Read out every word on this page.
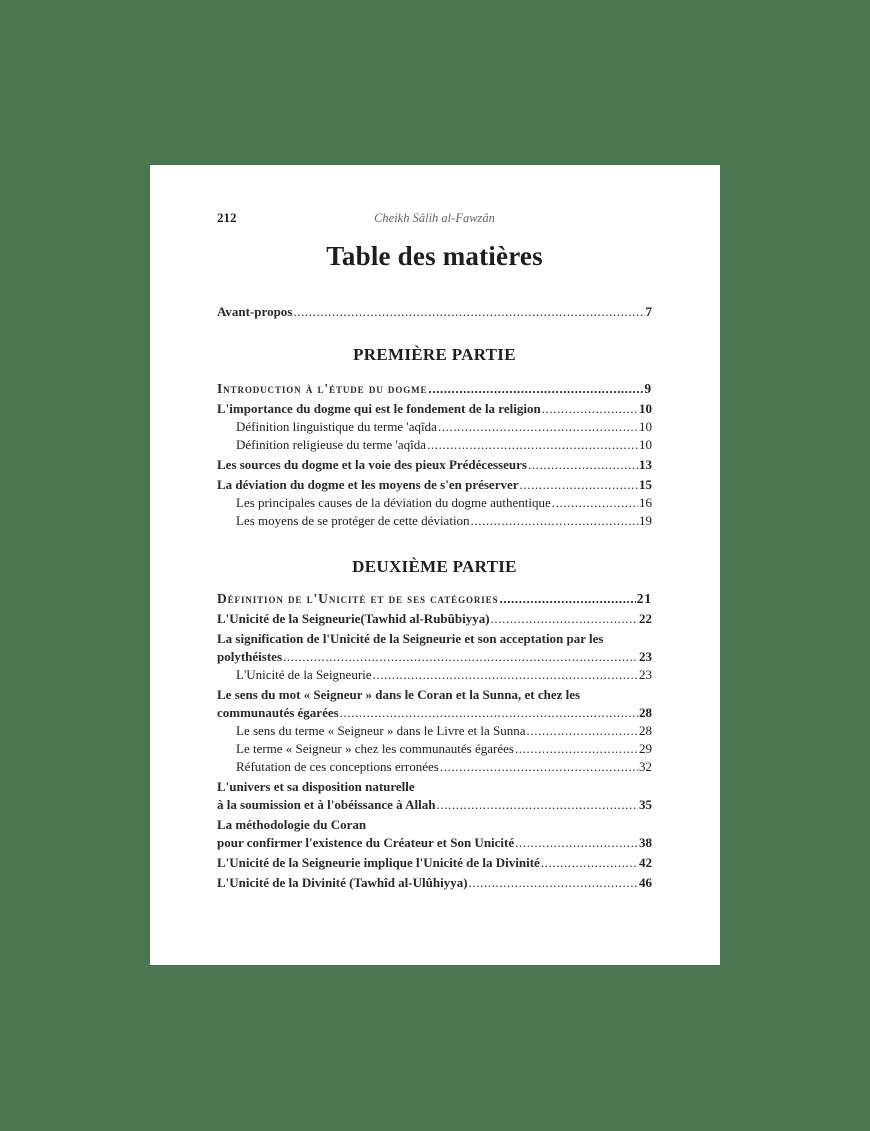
212	Cheikh Sâlih al-Fawzân
Table des matières
Avant-propos .....	7
PREMIÈRE PARTIE
Introduction à l'étude du dogme .....	9
L'importance du dogme qui est le fondement de la religion .....	10
Définition linguistique du terme 'aqîda .....	10
Définition religieuse du terme 'aqîda .....	10
Les sources du dogme et la voie des pieux Prédécesseurs .....	13
La déviation du dogme et les moyens de s'en préserver .....	15
Les principales causes de la déviation du dogme authentique .....	16
Les moyens de se protéger de cette déviation .....	19
DEUXIÈME PARTIE
Définition de l'Unicité et de ses catégories .....	21
L'Unicité de la Seigneurie(Tawhid al-Rubûbiyya) .....	22
La signification de l'Unicité de la Seigneurie et son acceptation par les
polythéistes .....	23
L'Unicité de la Seigneurie .....	23
Le sens du mot « Seigneur » dans le Coran et la Sunna, et chez les
communautés égarées .....	28
Le sens du terme « Seigneur » dans le Livre et la Sunna .....	28
Le terme « Seigneur » chez les communautés égarées .....	29
Réfutation de ces conceptions erronées .....	32
L'univers et sa disposition naturelle
à la soumission et à l'obéissance à Allah .....	35
La méthodologie du Coran
pour confirmer l'existence du Créateur et Son Unicité .....	38
L'Unicité de la Seigneurie implique l'Unicité de la Divinité .....	42
L'Unicité de la Divinité (Tawhîd al-Ulûhiyya) .....	46
